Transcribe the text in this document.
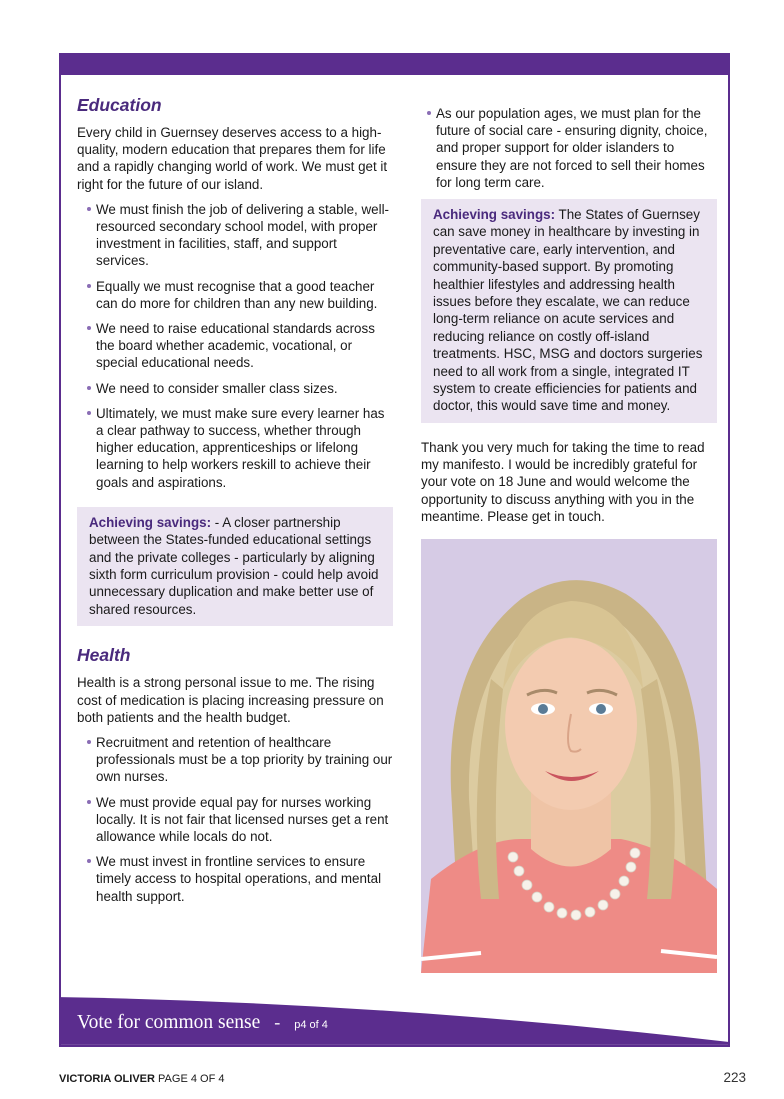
Education

Every child in Guernsey deserves access to a high-quality, modern education that prepares them for life and a rapidly changing world of work. We must get it right for the future of our island.

We must finish the job of delivering a stable, well-resourced secondary school model, with proper investment in facilities, staff, and support services.
Equally we must recognise that a good teacher can do more for children than any new building.
We need to raise educational standards across the board whether academic, vocational, or special educational needs.
We need to consider smaller class sizes.
Ultimately, we must make sure every learner has a clear pathway to success, whether through higher education, apprenticeships or lifelong learning to help workers reskill to achieve their goals and aspirations.
Achieving savings: - A closer partnership between the States-funded educational settings and the private colleges - particularly by aligning sixth form curriculum provision - could help avoid unnecessary duplication and make better use of shared resources.
Health

Health is a strong personal issue to me. The rising cost of medication is placing increasing pressure on both patients and the health budget.

Recruitment and retention of healthcare professionals must be a top priority by training our own nurses.
We must provide equal pay for nurses working locally. It is not fair that licensed nurses get a rent allowance while locals do not.
We must invest in frontline services to ensure timely access to hospital operations, and mental health support.
As our population ages, we must plan for the future of social care - ensuring dignity, choice, and proper support for older islanders to ensure they are not forced to sell their homes for long term care.
Achieving savings: The States of Guernsey can save money in healthcare by investing in preventative care, early intervention, and community-based support. By promoting healthier lifestyles and addressing health issues before they escalate, we can reduce long-term reliance on acute services and reducing reliance on costly off-island treatments. HSC, MSG and doctors surgeries need to all work from a single, integrated IT system to create efficiencies for patients and doctor, this would save time and money.

Thank you very much for taking the time to read my manifesto. I would be incredibly grateful for your vote on 18 June and would welcome the opportunity to discuss anything with you in the meantime. Please get in touch.

Vote for common sense - p4 of 4
VICTORIA OLIVER PAGE 4 OF 4	223
